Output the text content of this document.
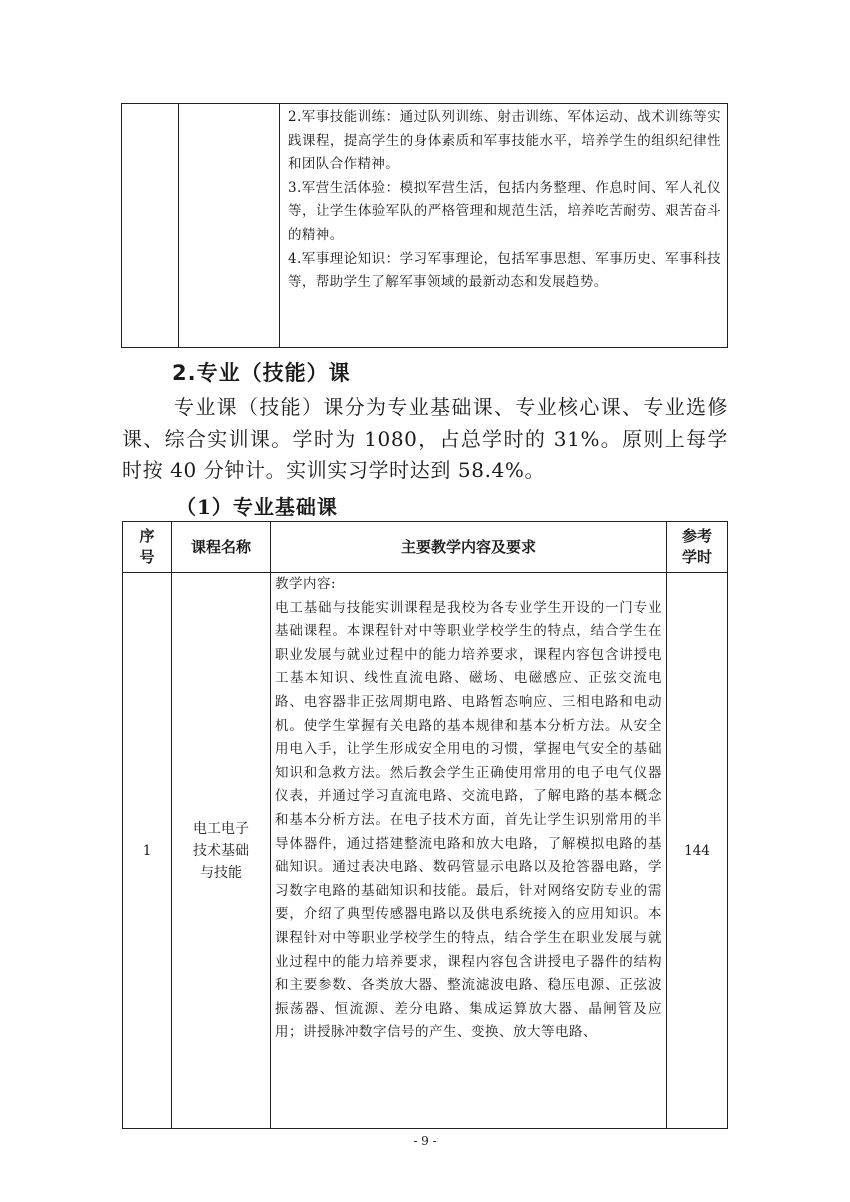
2.军事技能训练：通过队列训练、射击训练、军体运动、战术训练等实践课程，提高学生的身体素质和军事技能水平，培养学生的组织纪律性和团队合作精神。

3.军营生活体验：模拟军营生活，包括内务整理、作息时间、军人礼仪等，让学生体验军队的严格管理和规范生活，培养吃苦耐劳、艰苦奋斗的精神。

4.军事理论知识：学习军事理论，包括军事思想、军事历史、军事科技等，帮助学生了解军事领域的最新动态和发展趋势。

2.专业（技能）课

专业课（技能）课分为专业基础课、专业核心课、专业选修课、综合实训课。学时为 1080，占总学时的 31%。原则上每学时按 40 分钟计。实训实习学时达到 58.4%。

（1）专业基础课
序号	课程名称	主要教学内容及要求	参考学时
1	电工电子技术基础与技能	教学内容:

电工基础与技能实训课程是我校为各专业学生开设的一门专业基础课程。本课程针对中等职业学校学生的特点，结合学生在职业发展与就业过程中的能力培养要求，课程内容包含讲授电工基本知识、线性直流电路、磁场、电磁感应、正弦交流电路、电容器非正弦周期电路、电路暂态响应、三相电路和电动机。使学生掌握有关电路的基本规律和基本分析方法。从安全用电入手，让学生形成安全用电的习惯，掌握电气安全的基础知识和急救方法。然后教会学生正确使用常用的电子电气仪器仪表，并通过学习直流电路、交流电路，了解电路的基本概念和基本分析方法。在电子技术方面，首先让学生识别常用的半导体器件，通过搭建整流电路和放大电路，了解模拟电路的基础知识。通过表决电路、数码管显示电路以及抢答器电路，学习数字电路的基础知识和技能。最后，针对网络安防专业的需要，介绍了典型传感器电路以及供电系统接入的应用知识。本课程针对中等职业学校学生的特点，结合学生在职业发展与就业过程中的能力培养要求，课程内容包含讲授电子器件的结构和主要参数、各类放大器、整流滤波电路、稳压电源、正弦波振荡器、恒流源、差分电路、集成运算放大器、晶闸管及应用；讲授脉冲数字信号的产生、变换、放大等电路、	144
- 9 -
